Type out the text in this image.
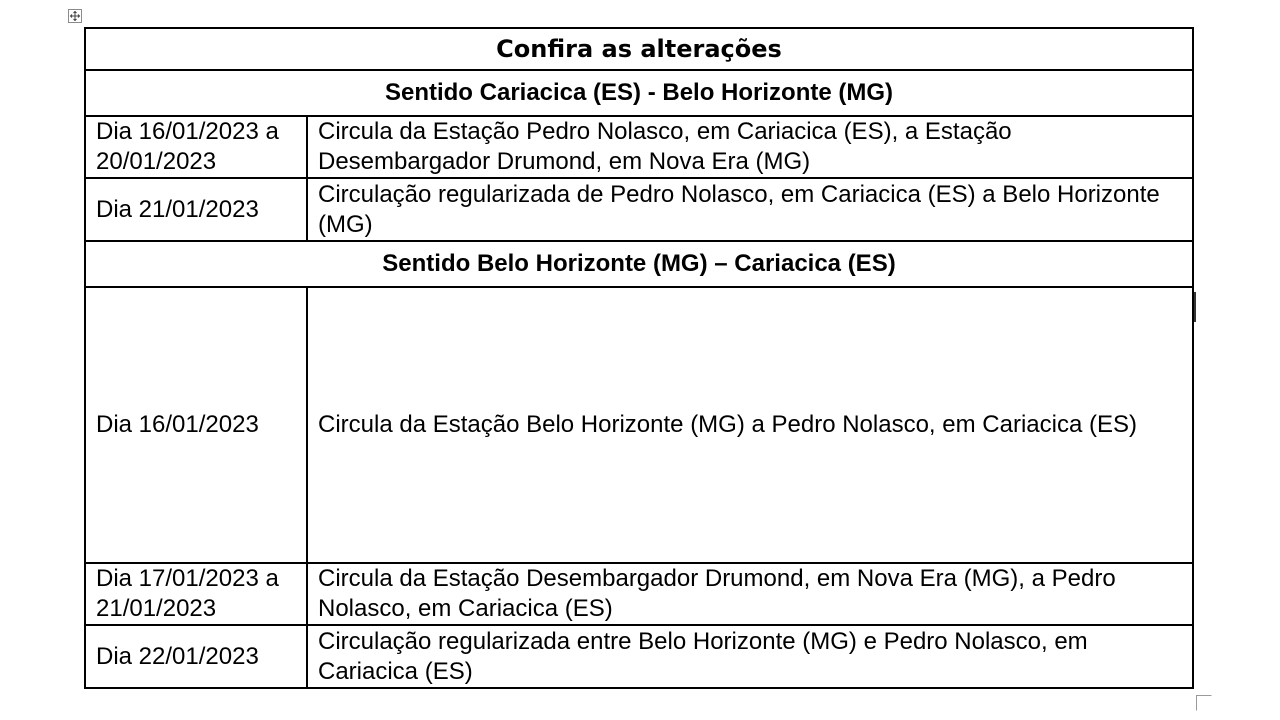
Confira as alterações	
Sentido Cariacica (ES) - Belo Horizonte (MG)	
Dia 16/01/2023 a 20/01/2023	Circula da Estação Pedro Nolasco, em Cariacica (ES), a Estação Desembargador Drumond, em Nova Era (MG)
Dia 21/01/2023	Circulação regularizada de Pedro Nolasco, em Cariacica (ES) a Belo Horizonte (MG)
Sentido Belo Horizonte (MG) – Cariacica (ES)	
Dia 16/01/2023	Circula da Estação Belo Horizonte (MG) a Pedro Nolasco, em Cariacica (ES)
Dia 17/01/2023 a 21/01/2023	Circula da Estação Desembargador Drumond, em Nova Era (MG), a Pedro Nolasco, em Cariacica (ES)
Dia 22/01/2023	Circulação regularizada entre Belo Horizonte (MG) e Pedro Nolasco, em Cariacica (ES)
